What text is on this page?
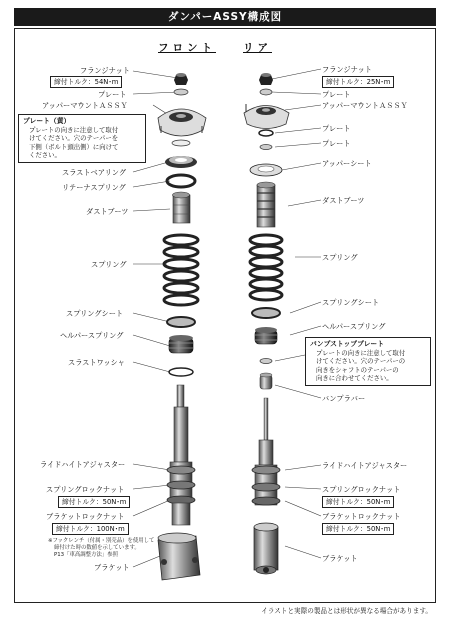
ダンパーASSY構成図
フロント	リア
フランジナット
締付トルク：54N･m
プレート
アッパーマウントＡＳＳＹ
プレート（黄）
プレートの向きに注意して取付
けてください。穴のテーパーを
下側（ボルト頭出側）に向けて
ください。
スラストベアリング
リテーナスプリング
ダストブーツ
スプリング
スプリングシート
ヘルパースプリング
スラストワッシャ
ライドハイトアジャスター
スプリングロックナット
締付トルク：50N･m
ブラケットロックナット
締付トルク：100N･m
※フックレンチ（付属・別売品）を使用して
締付けた時の数値を示しています。
P13「車高調整方法」参照
ブラケット
フランジナット
締付トルク：25N･m
プレート
アッパーマウントＡＳＳＹ
プレート
プレート
アッパーシート
ダストブーツ
スプリング
スプリングシート
ヘルパースプリング
バンプストッププレート
プレートの向きに注意して取付
けてください。穴のテーパーの
向きをシャフトのテーパーの
向きに合わせてください。
バンプラバー
ライドハイトアジャスター
スプリングロックナット
締付トルク：50N･m
ブラケットロックナット
締付トルク：50N･m
ブラケット
イラストと実際の製品とは形状が異なる場合があります。
